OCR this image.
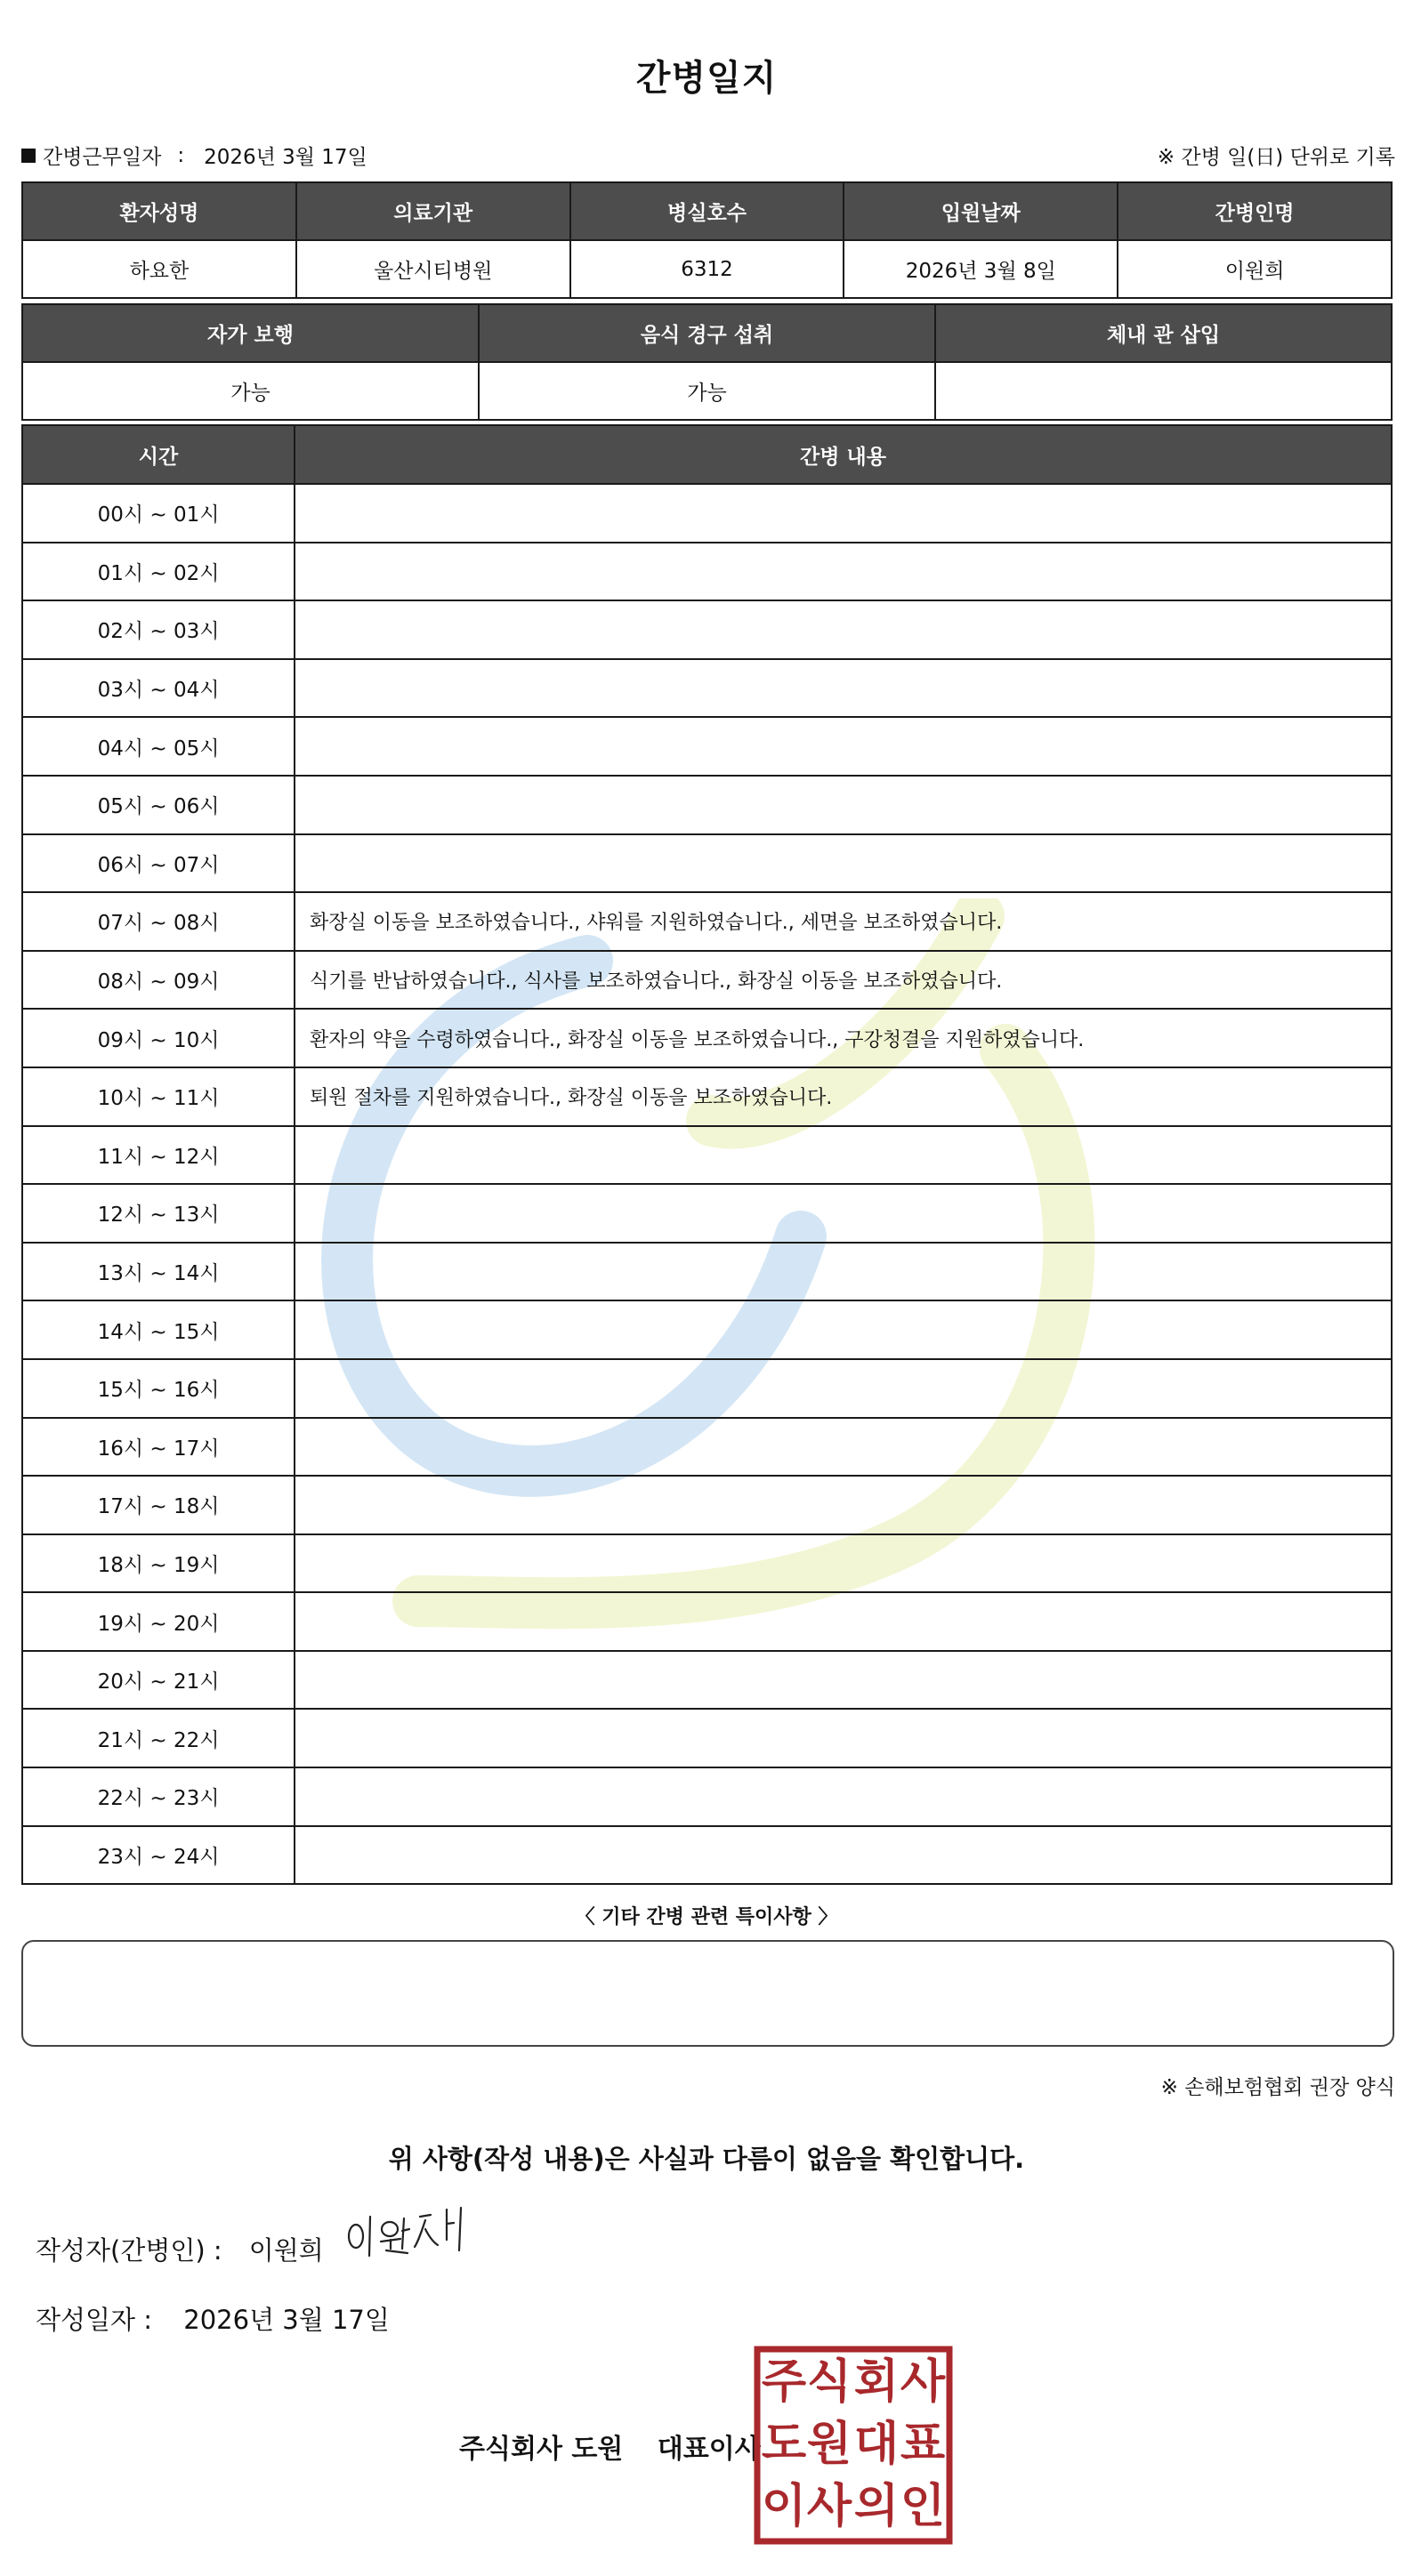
간병일지
간병근무일자 : 2026년 3월 17일	※ 간병 일(日) 단위로 기록
환자성명	의료기관	병실호수	입원날짜	간병인명
하요한	울산시티병원	6312	2026년 3월 8일	이원희
자가 보행	음식 경구 섭취	체내 관 삽입
가능	가능	
시간	간병 내용
00시 ~ 01시	
01시 ~ 02시	
02시 ~ 03시	
03시 ~ 04시	
04시 ~ 05시	
05시 ~ 06시	
06시 ~ 07시	
07시 ~ 08시	화장실 이동을 보조하였습니다., 샤워를 지원하였습니다., 세면을 보조하였습니다.
08시 ~ 09시	식기를 반납하였습니다., 식사를 보조하였습니다., 화장실 이동을 보조하였습니다.
09시 ~ 10시	환자의 약을 수령하였습니다., 화장실 이동을 보조하였습니다., 구강청결을 지원하였습니다.
10시 ~ 11시	퇴원 절차를 지원하였습니다., 화장실 이동을 보조하였습니다.
11시 ~ 12시	
12시 ~ 13시	
13시 ~ 14시	
14시 ~ 15시	
15시 ~ 16시	
16시 ~ 17시	
17시 ~ 18시	
18시 ~ 19시	
19시 ~ 20시	
20시 ~ 21시	
21시 ~ 22시	
22시 ~ 23시	
23시 ~ 24시	
〈 기타 간병 관련 특이사항 〉
※ 손해보험협회 권장 양식
위 사항(작성 내용)은 사실과 다름이 없음을 확인합니다.
작성자(간병인) : 이원희
작성일자 : 2026년 3월 17일
주식회사 도원 대표이사
주 식 회 사
도 원 대 표
이 사 의 인
